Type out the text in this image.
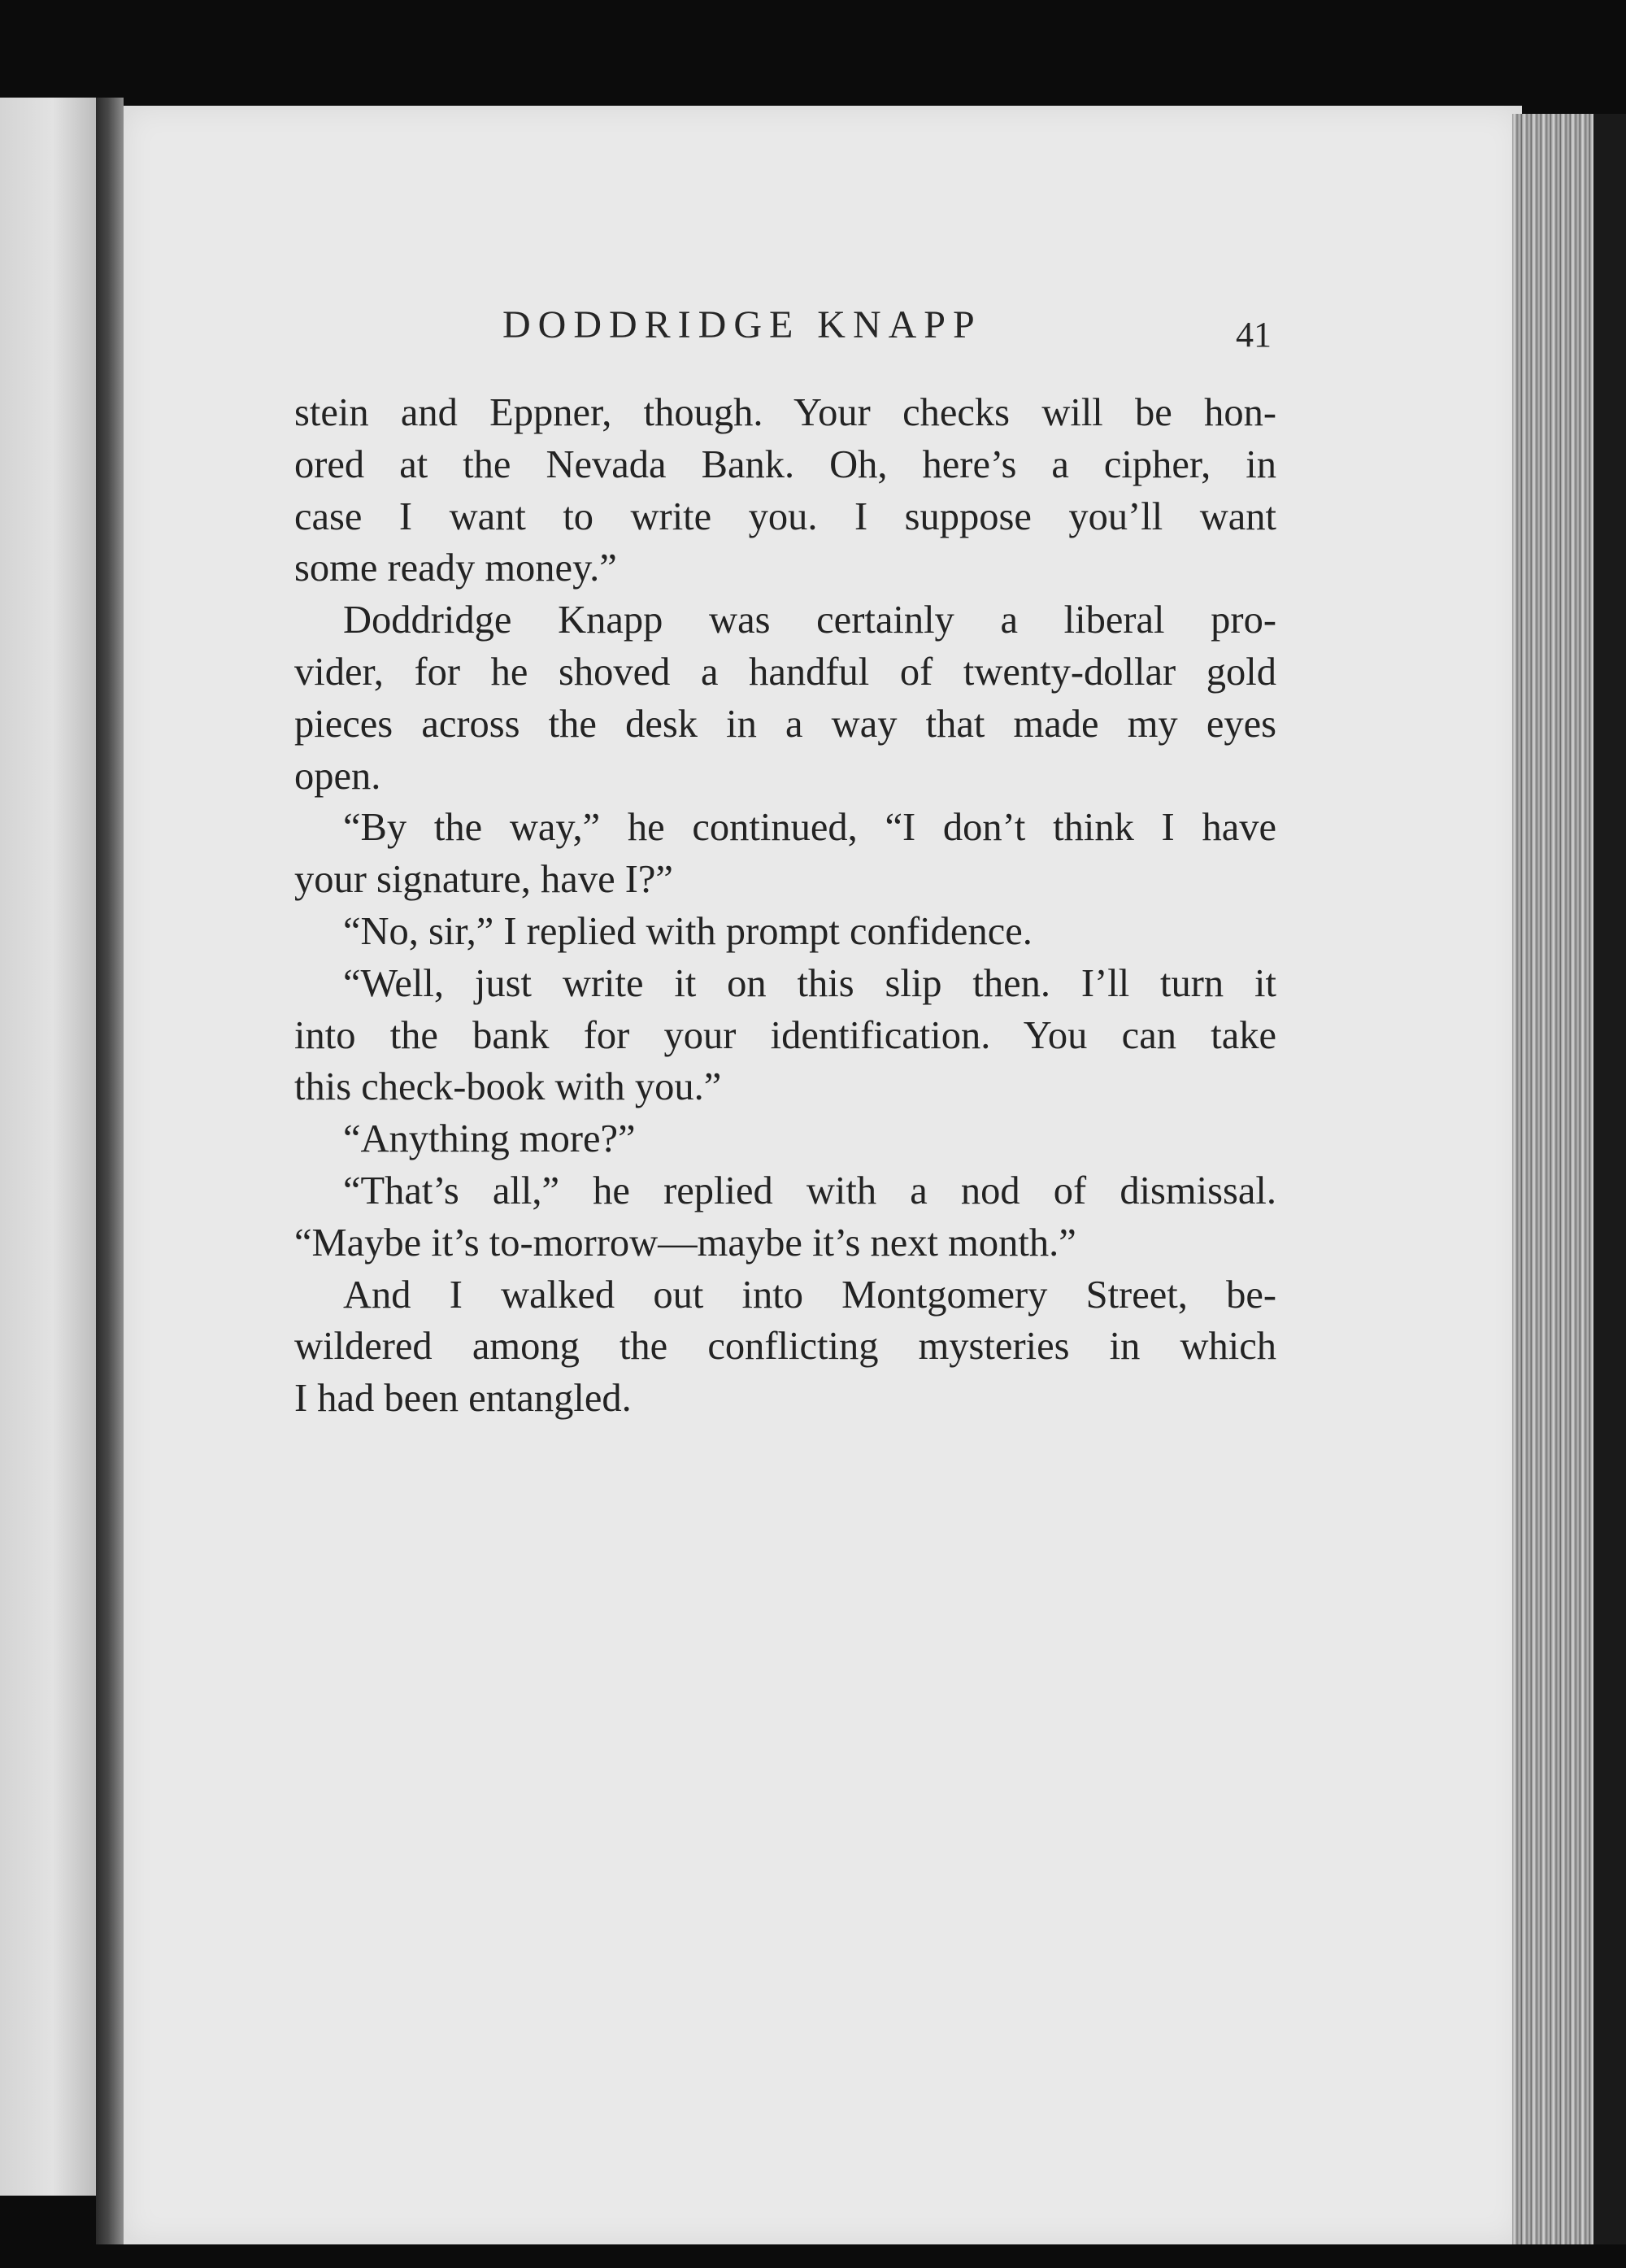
DODDRIDGE KNAPP	41

stein and Eppner, though. Your checks will be hon-
ored at the Nevada Bank. Oh, here’s a cipher, in
case I want to write you. I suppose you’ll want
some ready money.”

Doddridge Knapp was certainly a liberal pro-
vider, for he shoved a handful of twenty-dollar gold
pieces across the desk in a way that made my eyes
open.

“By the way,” he continued, “I don’t think I have
your signature, have I?”

“No, sir,” I replied with prompt confidence.

“Well, just write it on this slip then. I’ll turn it
into the bank for your identification. You can take
this check-book with you.”

“Anything more?”

“That’s all,” he replied with a nod of dismissal.
“Maybe it’s to-morrow—maybe it’s next month.”

And I walked out into Montgomery Street, be-
wildered among the conflicting mysteries in which
I had been entangled.
